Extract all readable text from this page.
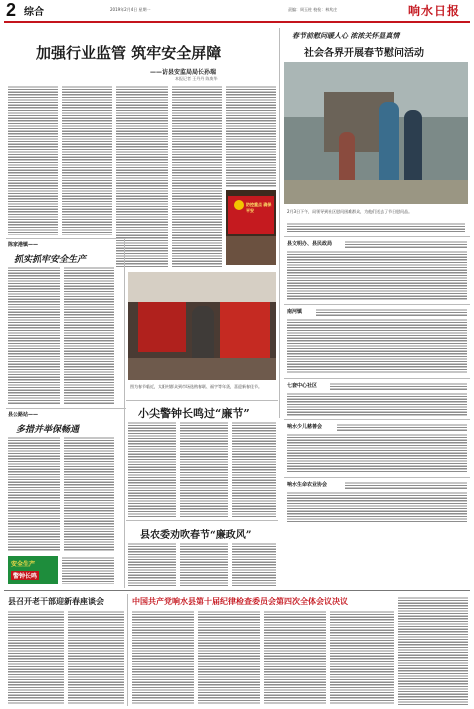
2 综合	2019年2月4日 星期一	责编：周玉柱 校检：林兆庄	响水日报
加强行业监管 筑牢安全屏障
——访县安监局局长孙瑞
本报记者 王丹丹 陈庚华
防控重点 确保平安
春节前慰问暖人心 浓浓关怀显真情
社会各界开展春节慰问活动
2月3日下午，局领导到社区慰问困难群众，为他们送去了节日慰问品。
县文明办、县民政局
南河镇
七套中心社区
响水少儿慈善会
响水生命农业协会
陈家港镇——
抓实抓牢安全生产
县公路站——
多措并举保畅通
安全生产
警钟长鸣
图为春节临近，太阳村群众到市场选购春联、福字等年货，喜迎新春佳节。
小尖警钟长鸣过“廉节”
县农委劝吹春节“廉政风”
县召开老干部迎新春座谈会	中国共产党响水县第十届纪律检查委员会第四次全体会议决议
